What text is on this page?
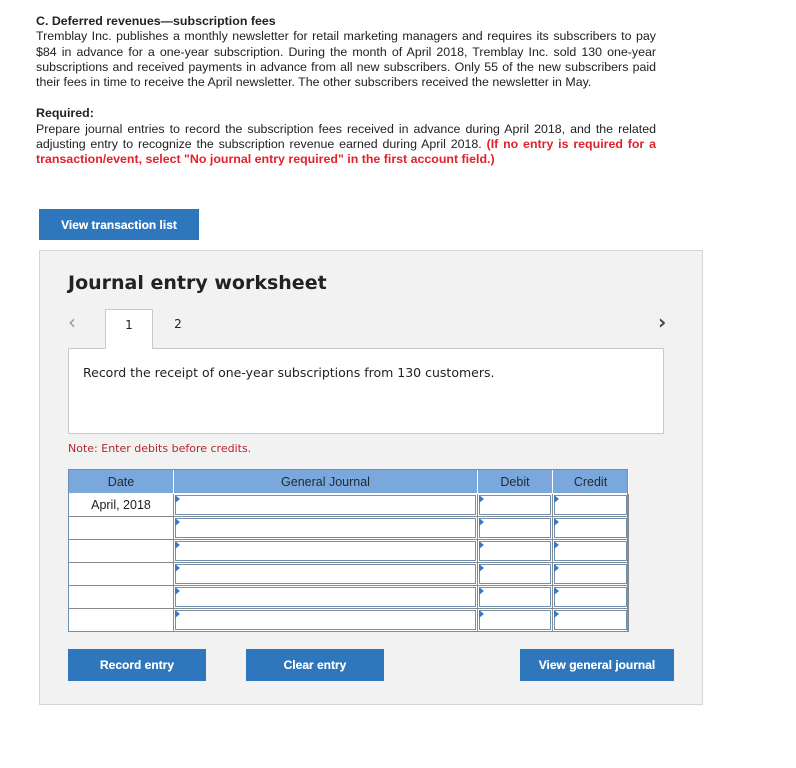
C. Deferred revenues—subscription fees
Tremblay Inc. publishes a monthly newsletter for retail marketing managers and requires its subscribers to pay $84 in advance for a one-year subscription. During the month of April 2018, Tremblay Inc. sold 130 one-year subscriptions and received payments in advance from all new subscribers. Only 55 of the new subscribers paid their fees in time to receive the April newsletter. The other subscribers received the newsletter in May.

Required:
Prepare journal entries to record the subscription fees received in advance during April 2018, and the related adjusting entry to recognize the subscription revenue earned during April 2018. (If no entry is required for a transaction/event, select "No journal entry required" in the first account field.)

View transaction list
Journal entry worksheet
‹	1	2	›
Record the receipt of one-year subscriptions from 130 customers.
Note: Enter debits before credits.
Date	General Journal	Debit	Credit
April, 2018	

Record entry	Clear entry	View general journal
